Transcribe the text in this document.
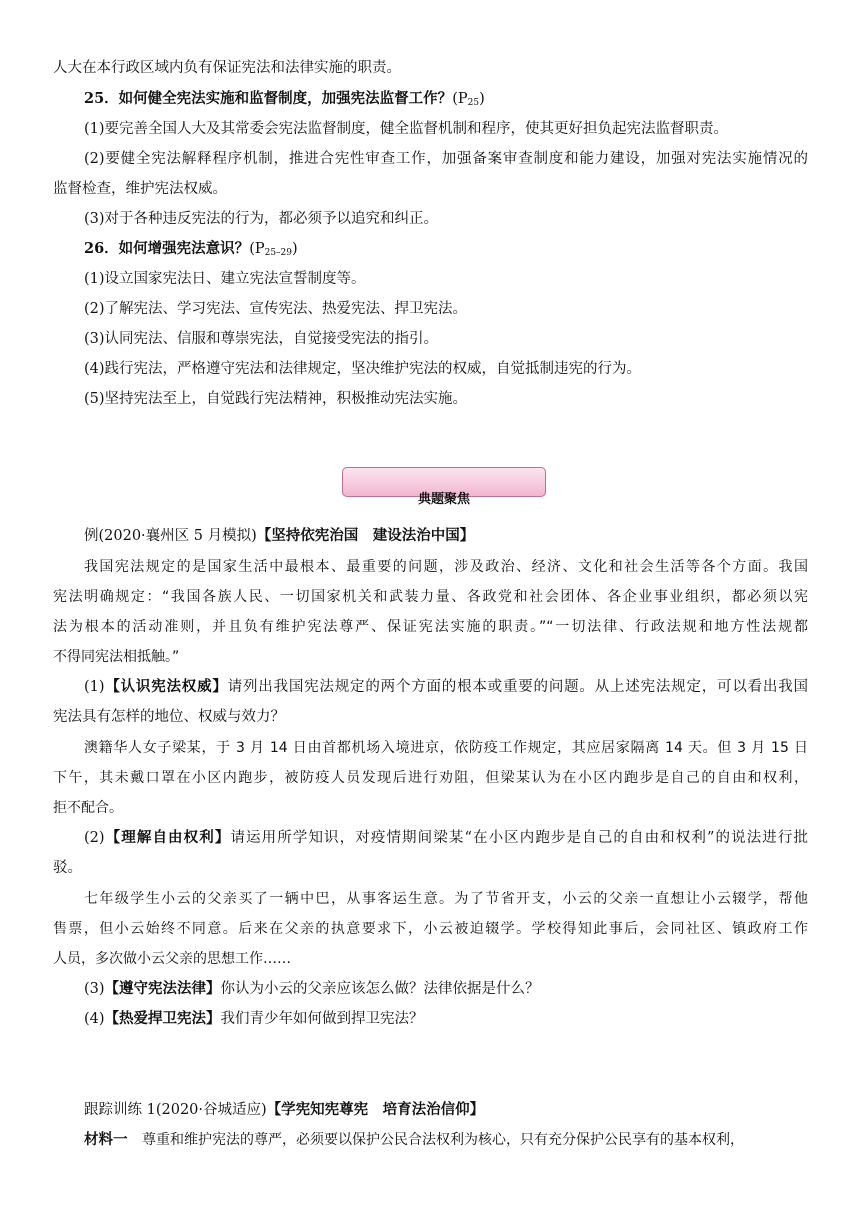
人大在本行政区域内负有保证宪法和法律实施的职责。
25．如何健全宪法实施和监督制度，加强宪法监督工作？$(P_{25})$
(1)要完善全国人大及其常委会宪法监督制度，健全监督机制和程序，使其更好担负起宪法监督职责。
(2)要健全宪法解释程序机制，推进合宪性审查工作，加强备案审查制度和能力建设，加强对宪法实施情况的
监督检查，维护宪法权威。
(3)对于各种违反宪法的行为，都必须予以追究和纠正。
26．如何增强宪法意识？$(P_{25-29})$
(1)设立国家宪法日、建立宪法宣誓制度等。
(2)了解宪法、学习宪法、宣传宪法、热爱宪法、捍卫宪法。
(3)认同宪法、信服和尊崇宪法，自觉接受宪法的指引。
(4)践行宪法，严格遵守宪法和法律规定，坚决维护宪法的权威，自觉抵制违宪的行为。
(5)坚持宪法至上，自觉践行宪法精神，积极推动宪法实施。
典题聚焦
例(2020·襄州区 5 月模拟)【坚持依宪治国　建设法治中国】
我国宪法规定的是国家生活中最根本、最重要的问题，涉及政治、经济、文化和社会生活等各个方面。我国
宪法明确规定：“我国各族人民、一切国家机关和武装力量、各政党和社会团体、各企业事业组织，都必须以宪
法为根本的活动准则，并且负有维护宪法尊严、保证宪法实施的职责。”“一切法律、行政法规和地方性法规都
不得同宪法相抵触。”
(1)【认识宪法权威】请列出我国宪法规定的两个方面的根本或重要的问题。从上述宪法规定，可以看出我国
宪法具有怎样的地位、权威与效力？
澳籍华人女子梁某，于 3 月 14 日由首都机场入境进京，依防疫工作规定，其应居家隔离 14 天。但 3 月 15 日
下午，其未戴口罩在小区内跑步，被防疫人员发现后进行劝阻，但梁某认为在小区内跑步是自己的自由和权利，
拒不配合。
(2)【理解自由权利】请运用所学知识，对疫情期间梁某“在小区内跑步是自己的自由和权利”的说法进行批
驳。
七年级学生小云的父亲买了一辆中巴，从事客运生意。为了节省开支，小云的父亲一直想让小云辍学，帮他
售票，但小云始终不同意。后来在父亲的执意要求下，小云被迫辍学。学校得知此事后，会同社区、镇政府工作
人员，多次做小云父亲的思想工作……
(3)【遵守宪法法律】你认为小云的父亲应该怎么做？法律依据是什么？
(4)【热爱捍卫宪法】我们青少年如何做到捍卫宪法？
跟踪训练 1(2020·谷城适应)【学宪知宪尊宪　培育法治信仰】
材料一　 尊重和维护宪法的尊严，必须要以保护公民合法权利为核心，只有充分保护公民享有的基本权利，
